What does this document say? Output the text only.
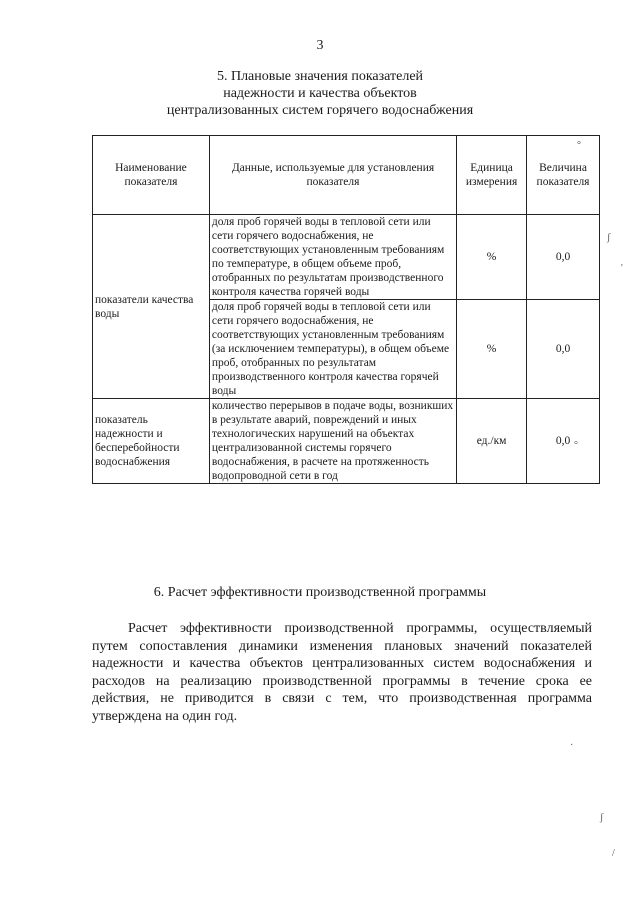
3
5. Плановые значения показателей
надежности и качества объектов
централизованных систем горячего водоснабжения
Наименование показателя	Данные, используемые для установления показателя	Единица измерения	Величина показателя
показатели качества воды	доля проб горячей воды в тепловой сети или сети горячего водоснабжения, не соответствующих установленным требованиям по температуре, в общем объеме проб, отобранных по результатам производственного контроля качества горячей воды	%	0,0
	доля проб горячей воды в тепловой сети или сети горячего водоснабжения, не соответствующих установленным требованиям (за исключением температуры), в общем объеме проб, отобранных по результатам производственного контроля качества горячей воды	%	0,0
показатель надежности и бесперебойности водоснабжения	количество перерывов в подаче воды, возникших в результате аварий, повреждений и иных технологических нарушений на объектах централизованной системы горячего водоснабжения, в расчете на протяженность водопроводной сети в год	ед./км	0,0
6. Расчет эффективности производственной программы

Расчет эффективности производственной программы, осуществляемый путем сопоставления динамики изменения плановых значений показателей надежности и качества объектов централизованных систем водоснабжения и расходов на реализацию производственной программы в течение срока ее действия, не приводится в связи с тем, что производственная программа утверждена на один год.

°
ʃ
'
°
·
ʃ
/
